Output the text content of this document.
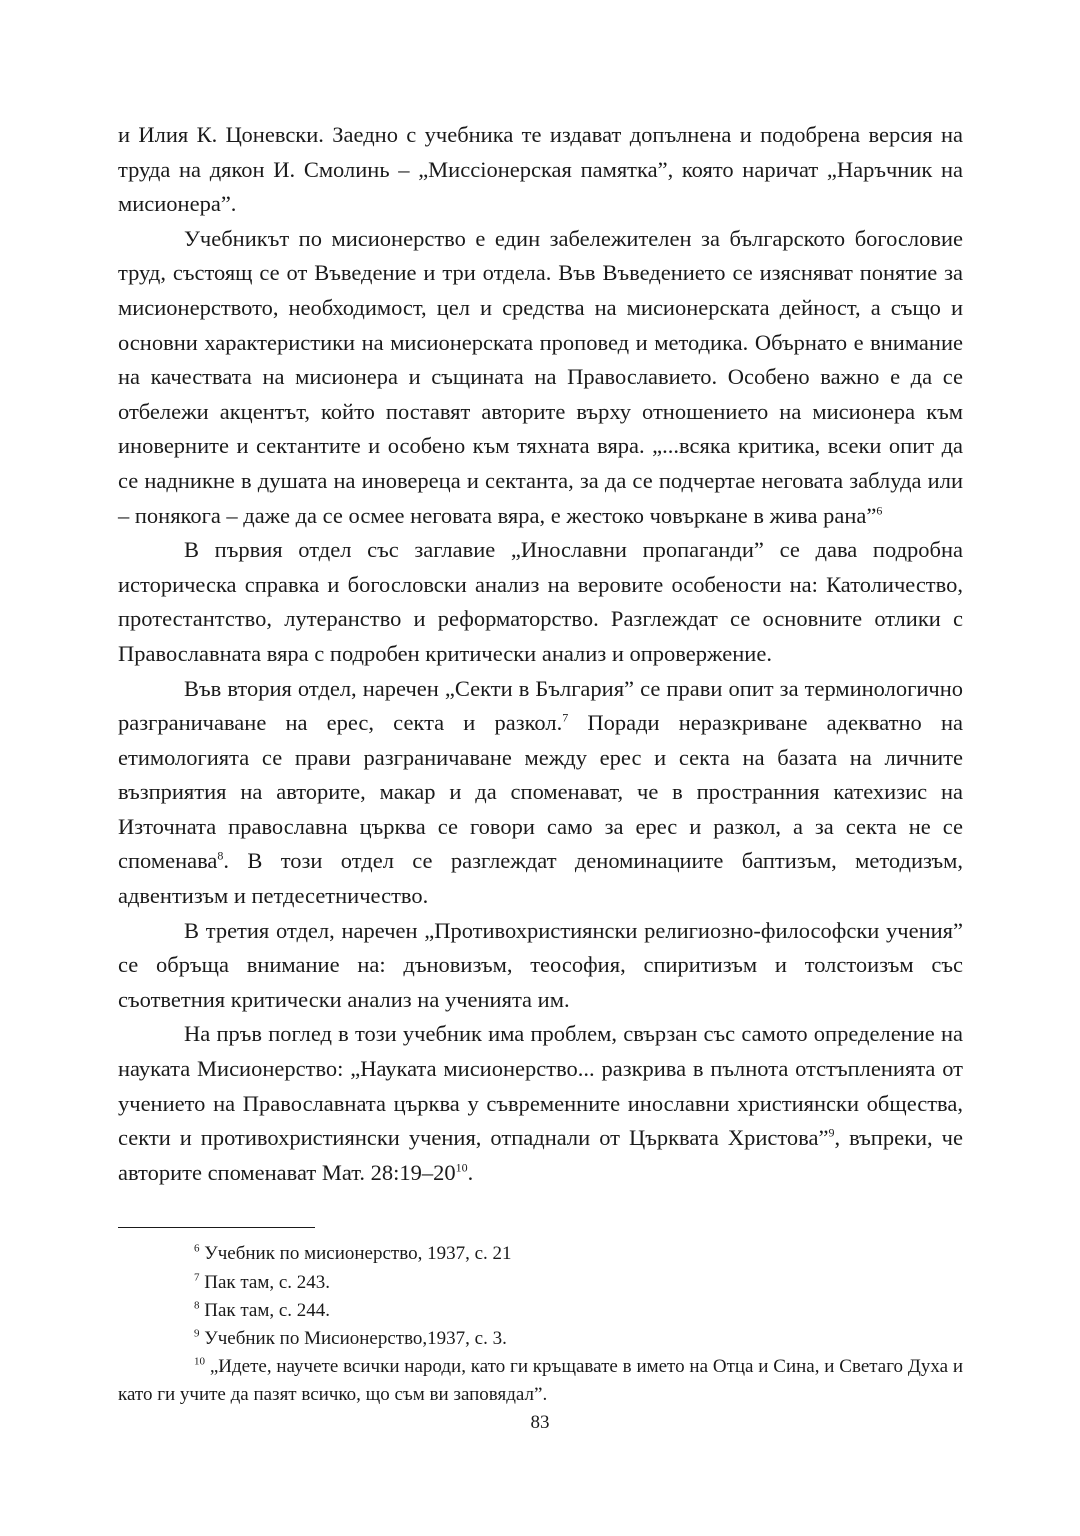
и Илия К. Цоневски. Заедно с учебника те издават допълнена и подобрена версия на труда на дякон И. Смолинь – „Миссіонерская памятка”, която наричат „Наръчник на мисионера”.

Учебникът по мисионерство е един забележителен за българското богословие труд, състоящ се от Въведение и три отдела. Във Въведението се изясняват понятие за мисионерството, необходимост, цел и средства на мисионерската дейност, а също и основни характеристики на мисионерската проповед и методика. Обърнато е внимание на качествата на мисионера и същината на Православието. Особено важно е да се отбележи акцентът, който поставят авторите върху отношението на мисионера към иноверните и сектантите и особено към тяхната вяра. „...всяка критика, всеки опит да се надникне в душата на иновереца и сектанта, за да се подчертае неговата заблуда или – понякога – даже да се осмее неговата вяра, е жестоко човъркане в жива рана”$^6$

В първия отдел със заглавие „Инославни пропаганди” се дава подробна историческа справка и богословски анализ на веровите особености на: Католичество, протестантство, лутеранство и реформаторство. Разглеждат се основните отлики с Православната вяра с подробен критически анализ и опровержение.

Във втория отдел, наречен „Секти в България” се прави опит за терминологично разграничаване на ерес, секта и разкол.$^7$ Поради неразкриване адекватно на етимологията се прави разграничаване между ерес и секта на базата на личните възприятия на авторите, макар и да споменават, че в пространния катехизис на Източната православна църква се говори само за ерес и разкол, а за секта не се споменава$^8$. В този отдел се разглеждат деноминациите баптизъм, методизъм, адвентизъм и петдесетничество.

В третия отдел, наречен „Противохристиянски религиозно-философски учения” се обръща внимание на: дъновизъм, теософия, спиритизъм и толстоизъм със съответния критически анализ на ученията им.

На пръв поглед в този учебник има проблем, свързан със самото определение на науката Мисионерство: „Науката мисионерство... разкрива в пълнота отстъпленията от учението на Православната църква у съвременните инославни християнски общества, секти и противохристиянски учения, отпаднали от Църквата Христова”$^9$, въпреки, че авторите споменават Мат. $28:19-20^{10}$.

$^6$ Учебник по мисионерство, 1937, с. 21

$^7$ Пак там, с. 243.

$^8$ Пак там, с. 244.

$^9$ Учебник по Мисионерство,1937, с. 3.

$^{10}$ „Идете, научете всички народи, като ги кръщавате в името на Отца и Сина, и Светаго Духа и като ги учите да пазят всичко, що съм ви заповядал”.

83
